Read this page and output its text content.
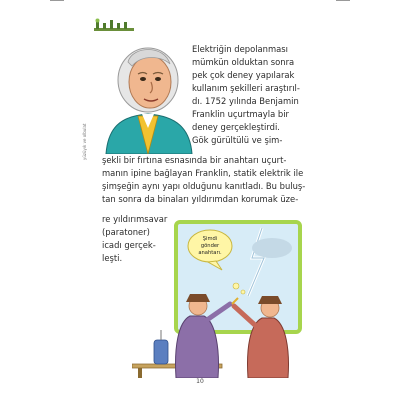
yüzüyık ve olbulat

Elektriğin depolanması

mümkün olduktan sonra

pek çok deney yapılarak

kullanım şekilleri araştırıl-

dı. 1752 yılında Benjamin

Franklin uçurtmayla bir

deney gerçekleştirdi.

Gök gürültülü ve şim-

şekli bir fırtına esnasında bir anahtarı uçurt-

manın ipine bağlayan Franklin, statik elektrik ile

şimşeğin aynı yapı olduğunu kanıtladı. Bu buluş-

tan sonra da binaları yıldırımdan korumak üze-

Şimdi
gönder
anahtarı.

re yıldırımsavar

(paratoner)

icadı gerçek-

leşti.

10
